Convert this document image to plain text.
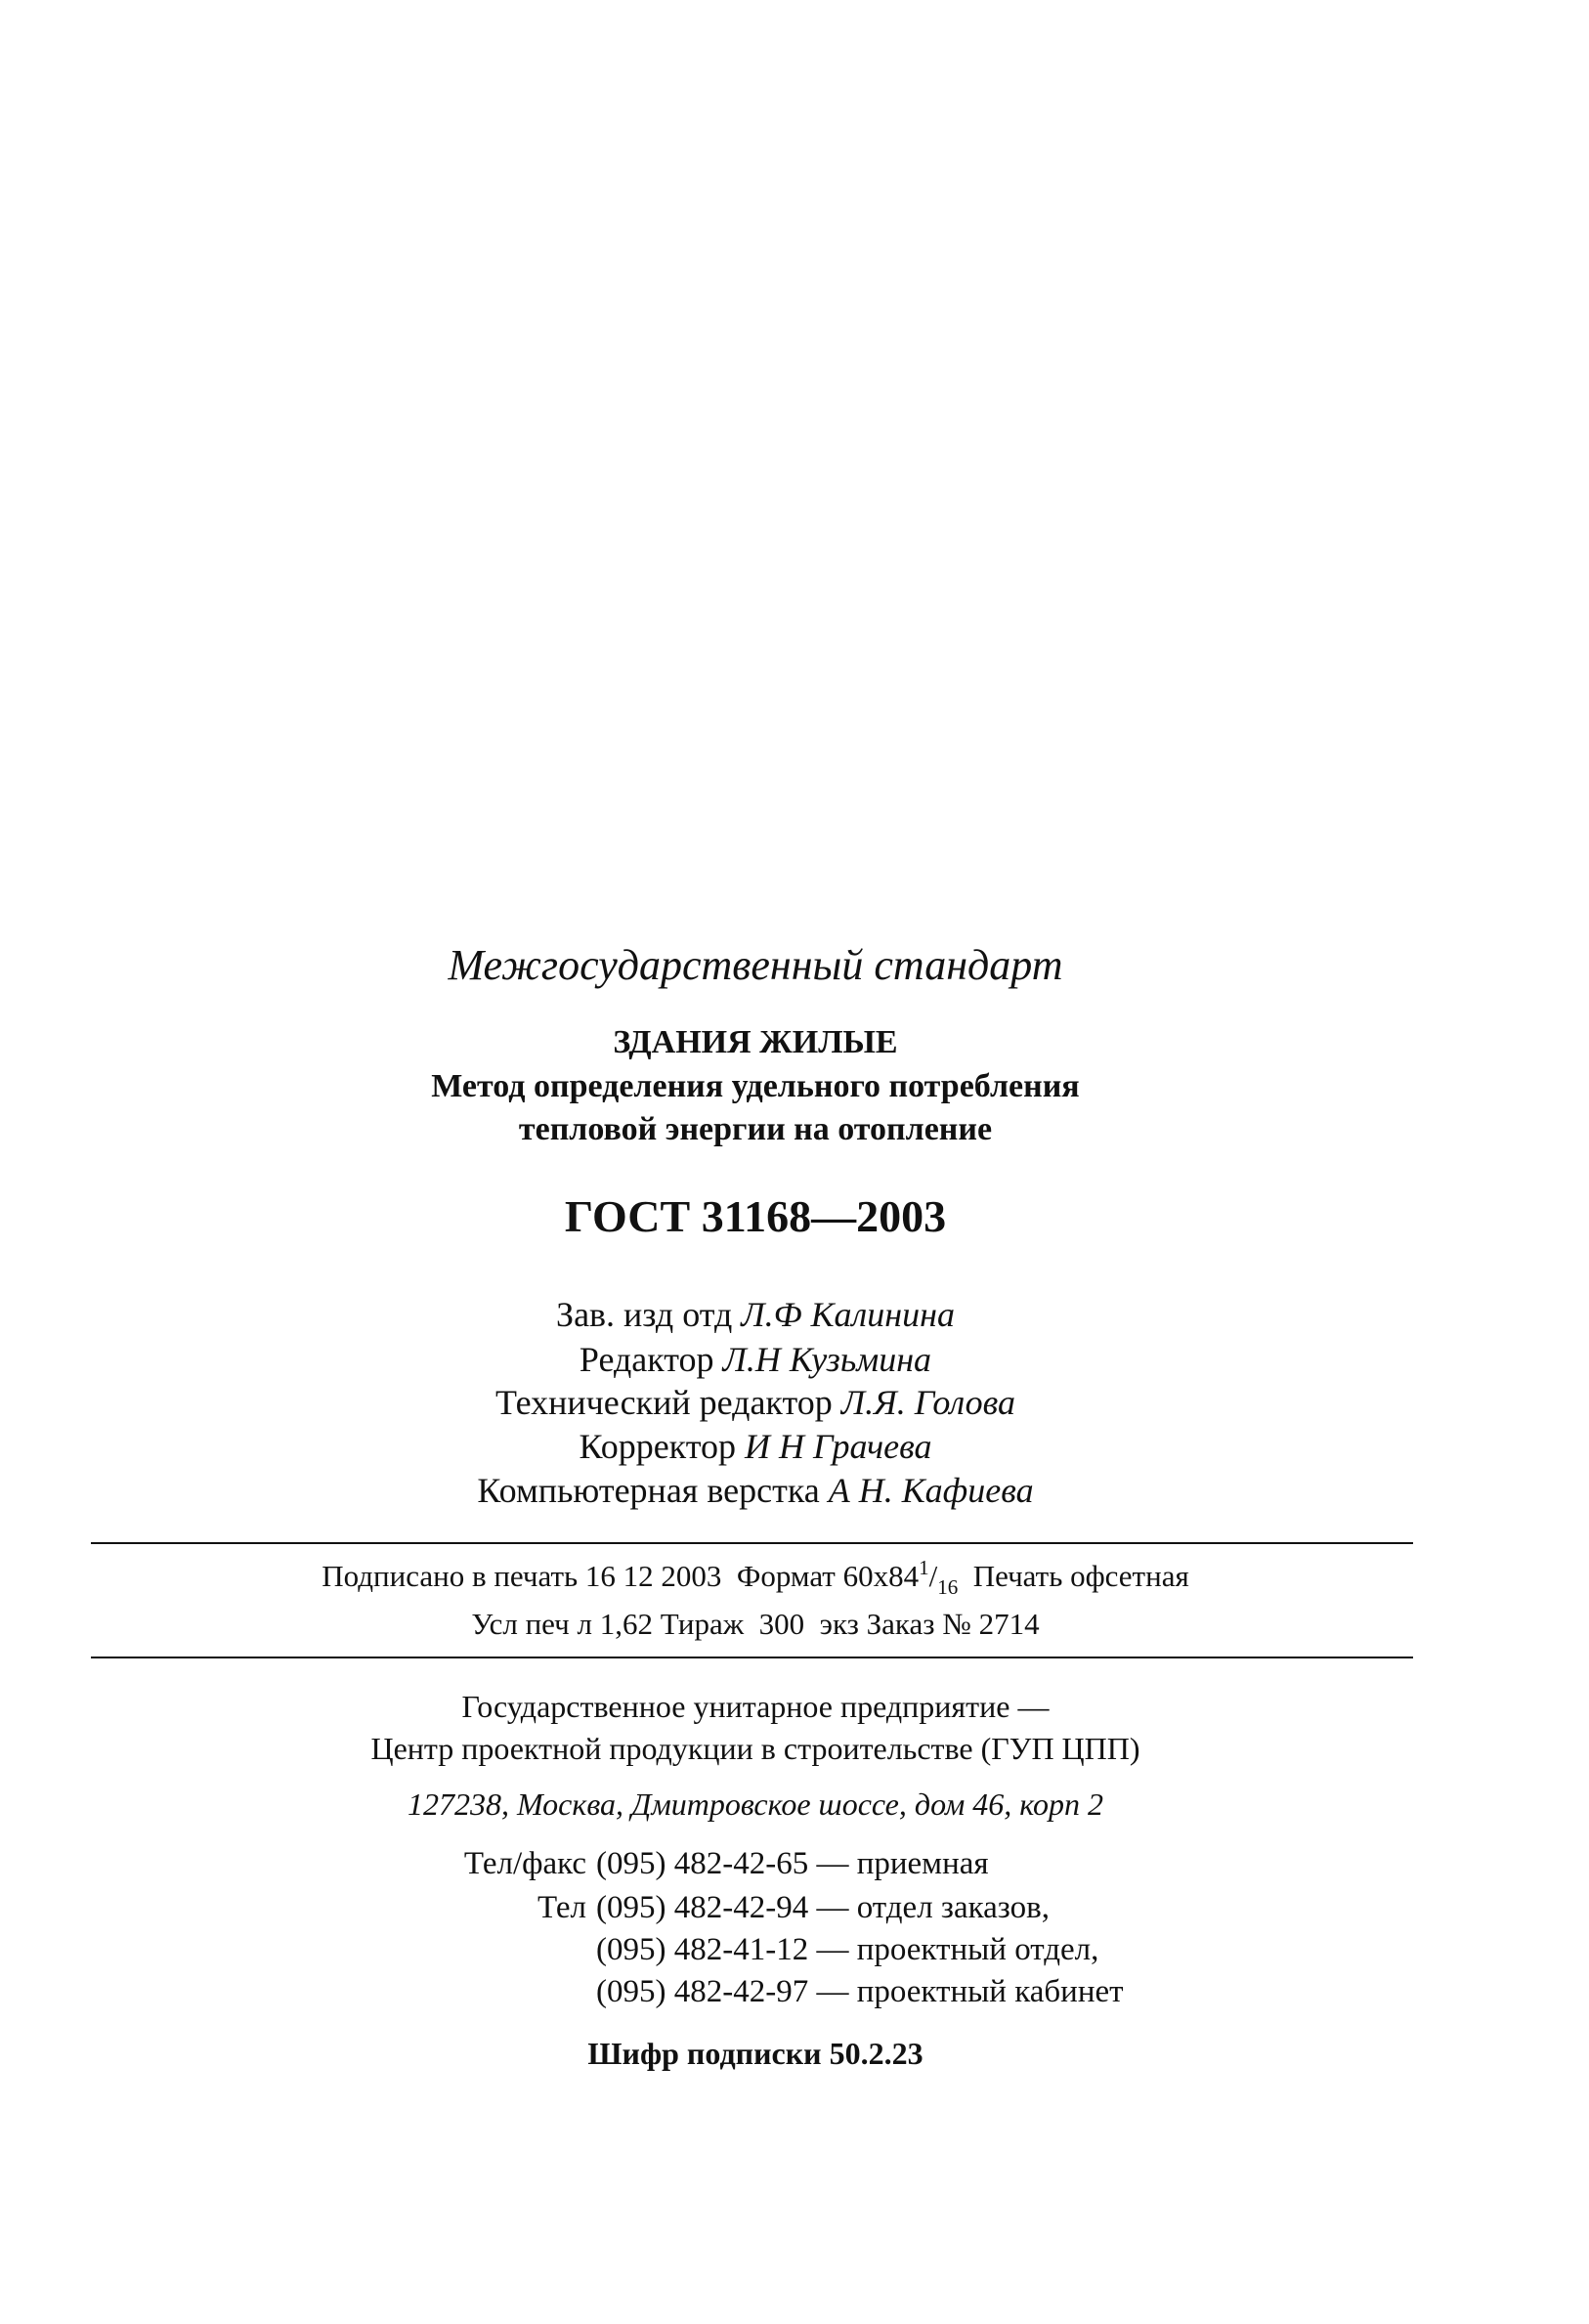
Межгосударственный стандарт
ЗДАНИЯ ЖИЛЫЕ
Метод определения удельного потребления
тепловой энергии на отопление
ГОСТ 31168—2003
Зав. изд отд Л.Ф Калинина
Редактор Л.Н Кузьмина
Технический редактор Л.Я. Голова
Корректор И Н Грачева
Компьютерная верстка А Н. Кафиева
Подписано в печать 16 12 2003 Формат $60x84^1/_{16}$ Печать офсетная
Усл печ л 1,62 Тираж 300 экз Заказ № 2714
Государственное унитарное предприятие —
Центр проектной продукции в строительстве (ГУП ЦПП)
127238, Москва, Дмитровское шоссе, дом 46, корп 2
Тел/факс (095) 482-42-65 — приемная
Тел (095) 482-42-94 — отдел заказов,
(095) 482-41-12 — проектный отдел,
(095) 482-42-97 — проектный кабинет
Шифр подписки 50.2.23
